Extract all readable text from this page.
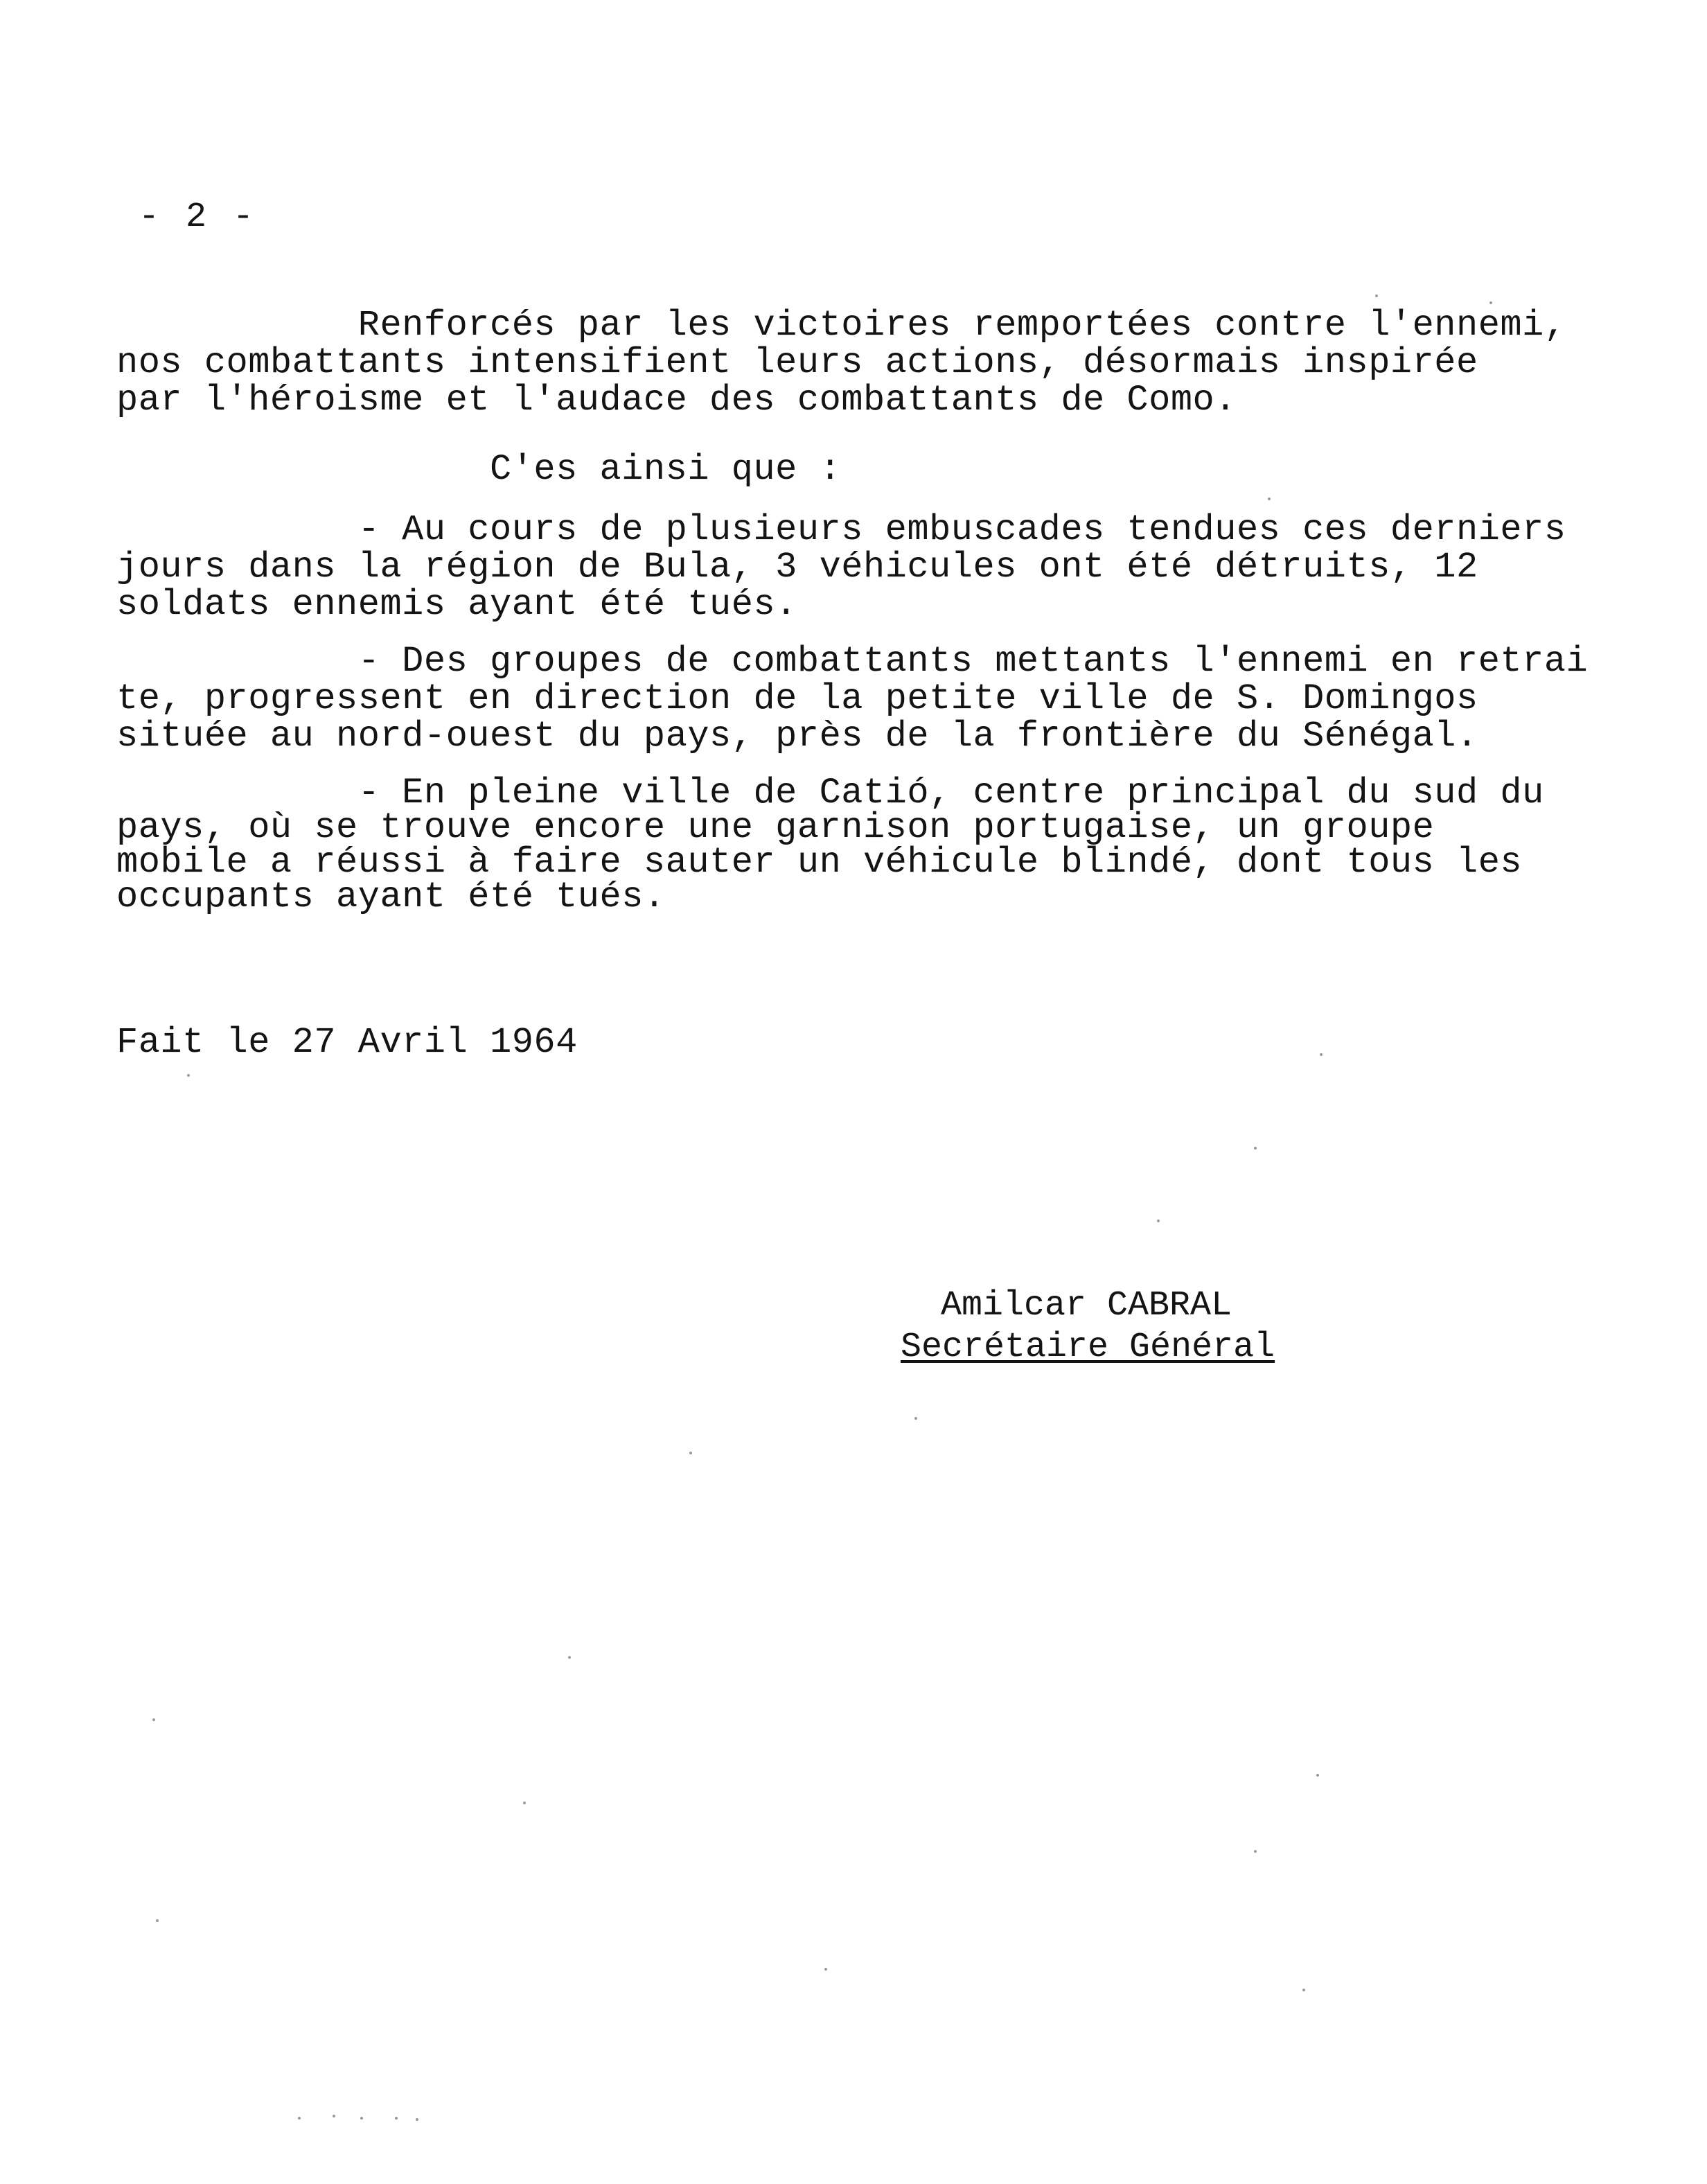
- 2 -
Renforcés par les victoires remportées contre l'ennemi,
nos combattants intensifient leurs actions, désormais inspirée
par l'héroisme et l'audace des combattants de Como.
C'es ainsi que :
- Au cours de plusieurs embuscades tendues ces derniers
jours dans la région de Bula, 3 véhicules ont été détruits, 12
soldats ennemis ayant été tués.
- Des groupes de combattants mettants l'ennemi en retrai
te, progressent en direction de la petite ville de S. Domingos
située au nord-ouest du pays, près de la frontière du Sénégal.
- En pleine ville de Catió, centre principal du sud du
pays, où se trouve encore une garnison portugaise, un groupe
mobile a réussi à faire sauter un véhicule blindé, dont tous les
occupants ayant été tués.
Fait le 27 Avril 1964
Amilcar CABRAL
Secrétaire Général
